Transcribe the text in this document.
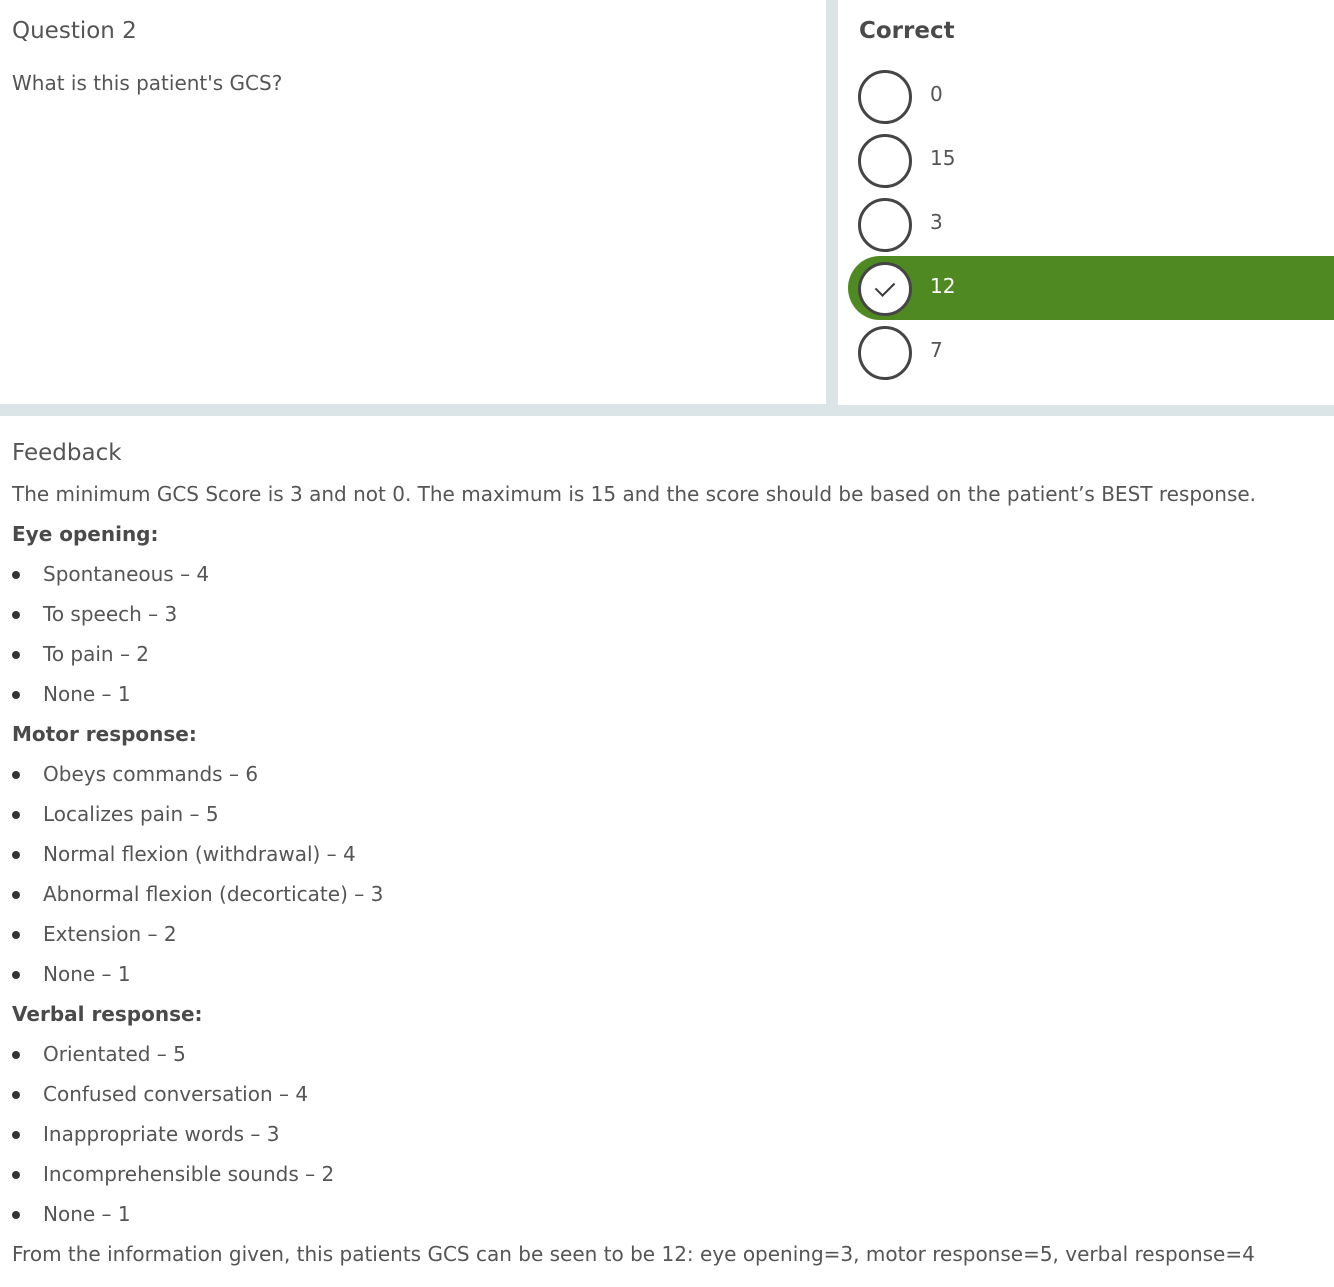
Question 2

What is this patient's GCS?

Correct
0
15
3
12
7
Feedback

The minimum GCS Score is 3 and not 0. The maximum is 15 and the score should be based on the patient’s BEST response.

Eye opening:

Spontaneous – 4
To speech – 3
To pain – 2
None – 1

Motor response:

Obeys commands – 6
Localizes pain – 5
Normal flexion (withdrawal) – 4
Abnormal flexion (decorticate) – 3
Extension – 2
None – 1

Verbal response:

Orientated – 5
Confused conversation – 4
Inappropriate words – 3
Incomprehensible sounds – 2
None – 1

From the information given, this patients GCS can be seen to be 12: eye opening=3, motor response=5, verbal response=4
